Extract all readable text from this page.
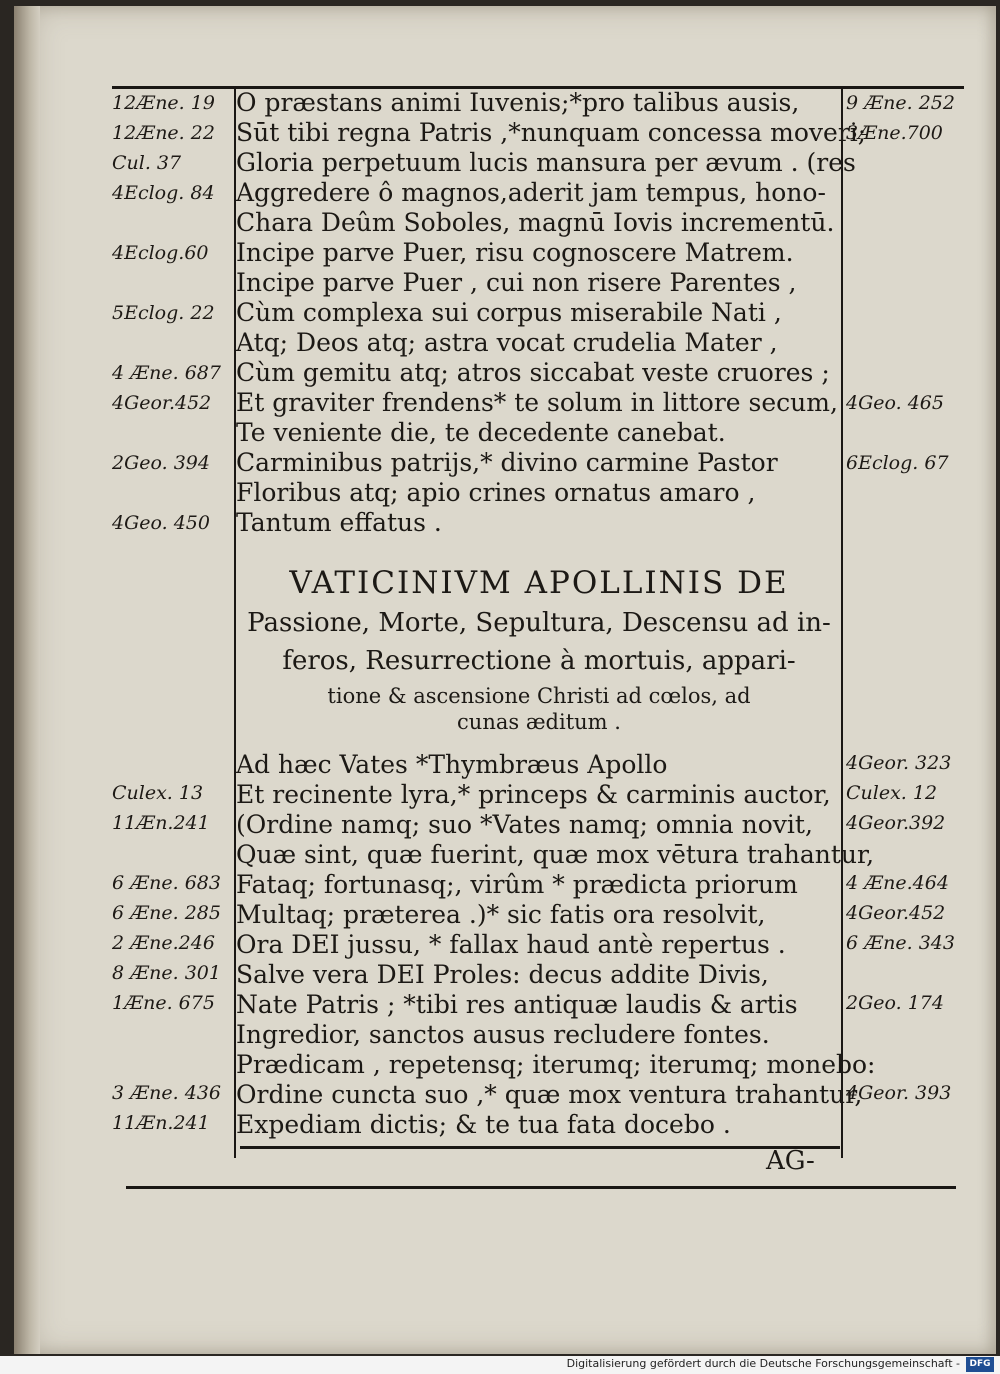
12Æne. 19
12Æne. 22
Cul. 37
4Eclog. 84
4Eclog.60
5Eclog. 22
4 Æne. 687
4Geor.452
2Geo. 394
4Geo. 450
Culex. 13
11Æn.241
6 Æne. 683
6 Æne. 285
2 Æne.246
8 Æne. 301
1Æne. 675
3 Æne. 436
11Æn.241
9 Æne. 252
3Æne.700
4Geo. 465
6Eclog. 67
4Geor. 323
Culex. 12
4Geor.392
4 Æne.464
4Geor.452
6 Æne. 343
2Geo. 174
4Geor. 393
O præstans animi Iuvenis;*pro talibus ausis,
Sūt tibi regna Patris ,*nunquam concessa moveri;
Gloria perpetuum lucis mansura per ævum . (res
Aggredere ô magnos,aderit jam tempus, hono-
Chara Deûm Soboles, magnū Iovis incrementū.
Incipe parve Puer, risu cognoscere Matrem.
Incipe parve Puer , cui non risere Parentes ,
Cùm complexa sui corpus miserabile Nati ,
Atq; Deos atq; astra vocat crudelia Mater ,
Cùm gemitu atq; atros siccabat veste cruores ;
Et graviter frendens* te solum in littore secum,
Te veniente die, te decedente canebat.
Carminibus patrijs,* divino carmine Pastor
Floribus atq; apio crines ornatus amaro ,
Tantum effatus .
VATICINIVM APOLLINIS DE
Passione, Morte, Sepultura, Descensu ad in-
feros, Resurrectione à mortuis, appari-
tione & ascensione Christi ad cœlos, ad
cunas æditum .
Ad hæc Vates *Thymbræus Apollo
Et recinente lyra,* princeps & carminis auctor,
(Ordine namq; suo *Vates namq; omnia novit,
Quæ sint, quæ fuerint, quæ mox vētura trahantur,
Fataq; fortunasq;, virûm * prædicta priorum
Multaq; præterea .)* sic fatis ora resolvit,
Ora DEI jussu, * fallax haud antè repertus .
Salve vera DEI Proles: decus addite Divis,
Nate Patris ; *tibi res antiquæ laudis & artis
Ingredior, sanctos ausus recludere fontes.
Prædicam , repetensq; iterumq; iterumq; monebo:
Ordine cuncta suo ,* quæ mox ventura trahantur,
Expediam dictis; & te tua fata docebo .
AG-
Digitalisierung gefördert durch die Deutsche Forschungsgemeinschaft -	DFG
